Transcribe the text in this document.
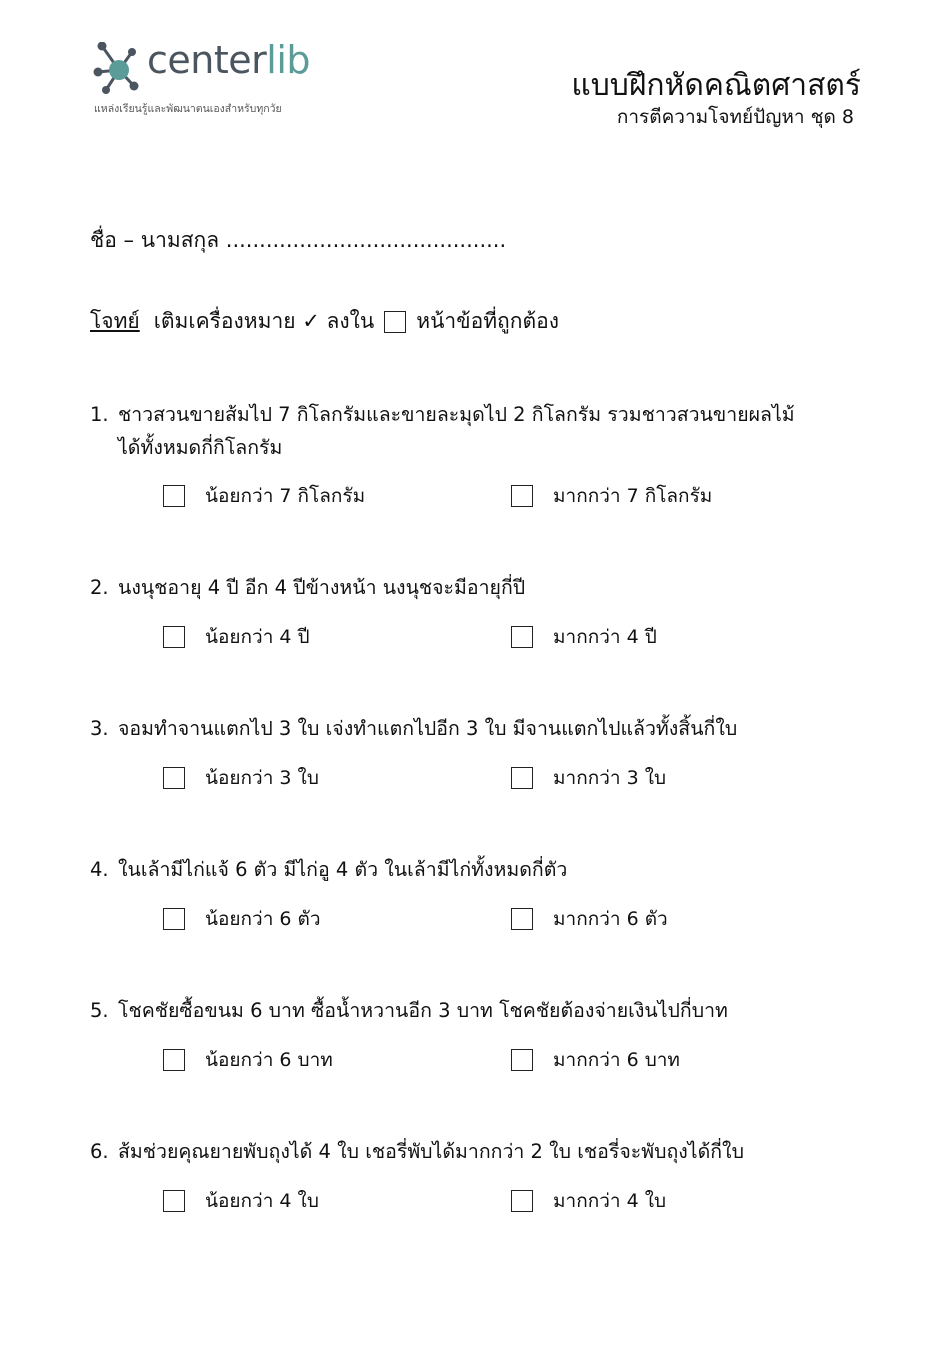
centerlib
แหล่งเรียนรู้และพัฒนาตนเองสำหรับทุกวัย
แบบฝึกหัดคณิตศาสตร์
การตีความโจทย์ปัญหา ชุด 8
ชื่อ – นามสกุล ..........................................
โจทย์ เติมเครื่องหมาย ✓ ลงใน หน้าข้อที่ถูกต้อง
1. ชาวสวนขายส้มไป 7 กิโลกรัมและขายละมุดไป 2 กิโลกรัม รวมชาวสวนขายผลไม้
ได้ทั้งหมดกี่กิโลกรัม
น้อยกว่า 7 กิโลกรัม	มากกว่า 7 กิโลกรัม
2. นงนุชอายุ 4 ปี อีก 4 ปีข้างหน้า นงนุชจะมีอายุกี่ปี
น้อยกว่า 4 ปี	มากกว่า 4 ปี
3. จอมทำจานแตกไป 3 ใบ เจ่งทำแตกไปอีก 3 ใบ มีจานแตกไปแล้วทั้งสิ้นกี่ใบ
น้อยกว่า 3 ใบ	มากกว่า 3 ใบ
4. ในเล้ามีไก่แจ้ 6 ตัว มีไก่อู 4 ตัว ในเล้ามีไก่ทั้งหมดกี่ตัว
น้อยกว่า 6 ตัว	มากกว่า 6 ตัว
5. โชคชัยซื้อขนม 6 บาท ซื้อน้ำหวานอีก 3 บาท โชคชัยต้องจ่ายเงินไปกี่บาท
น้อยกว่า 6 บาท	มากกว่า 6 บาท
6. ส้มช่วยคุณยายพับถุงได้ 4 ใบ เชอรี่พับได้มากกว่า 2 ใบ เชอรี่จะพับถุงได้กี่ใบ
น้อยกว่า 4 ใบ	มากกว่า 4 ใบ
